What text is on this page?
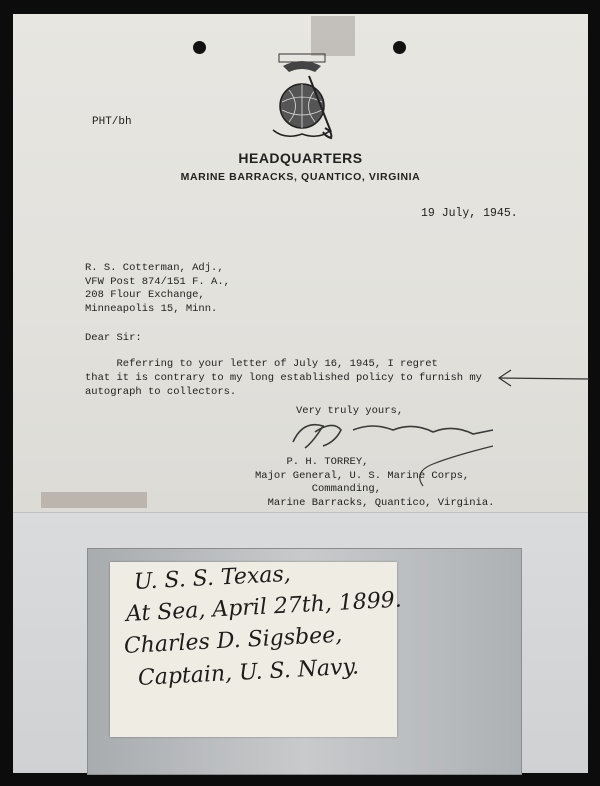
PHT/bh
HEADQUARTERS
MARINE BARRACKS, QUANTICO, VIRGINIA
19 July, 1945.
R. S. Cotterman, Adj.,
VFW Post 874/151 F. A.,
208 Flour Exchange,
Minneapolis 15, Minn.
Dear Sir:
Referring to your letter of July 16, 1945, I regret
that it is contrary to my long established policy to furnish my
autograph to collectors.
Very truly yours,
P. H. TORREY,
Major General, U. S. Marine Corps,
Commanding,
Marine Barracks, Quantico, Virginia.
U. S. S. Texas,
At Sea, April 27th, 1899.
Charles D. Sigsbee,
Captain, U. S. Navy.
